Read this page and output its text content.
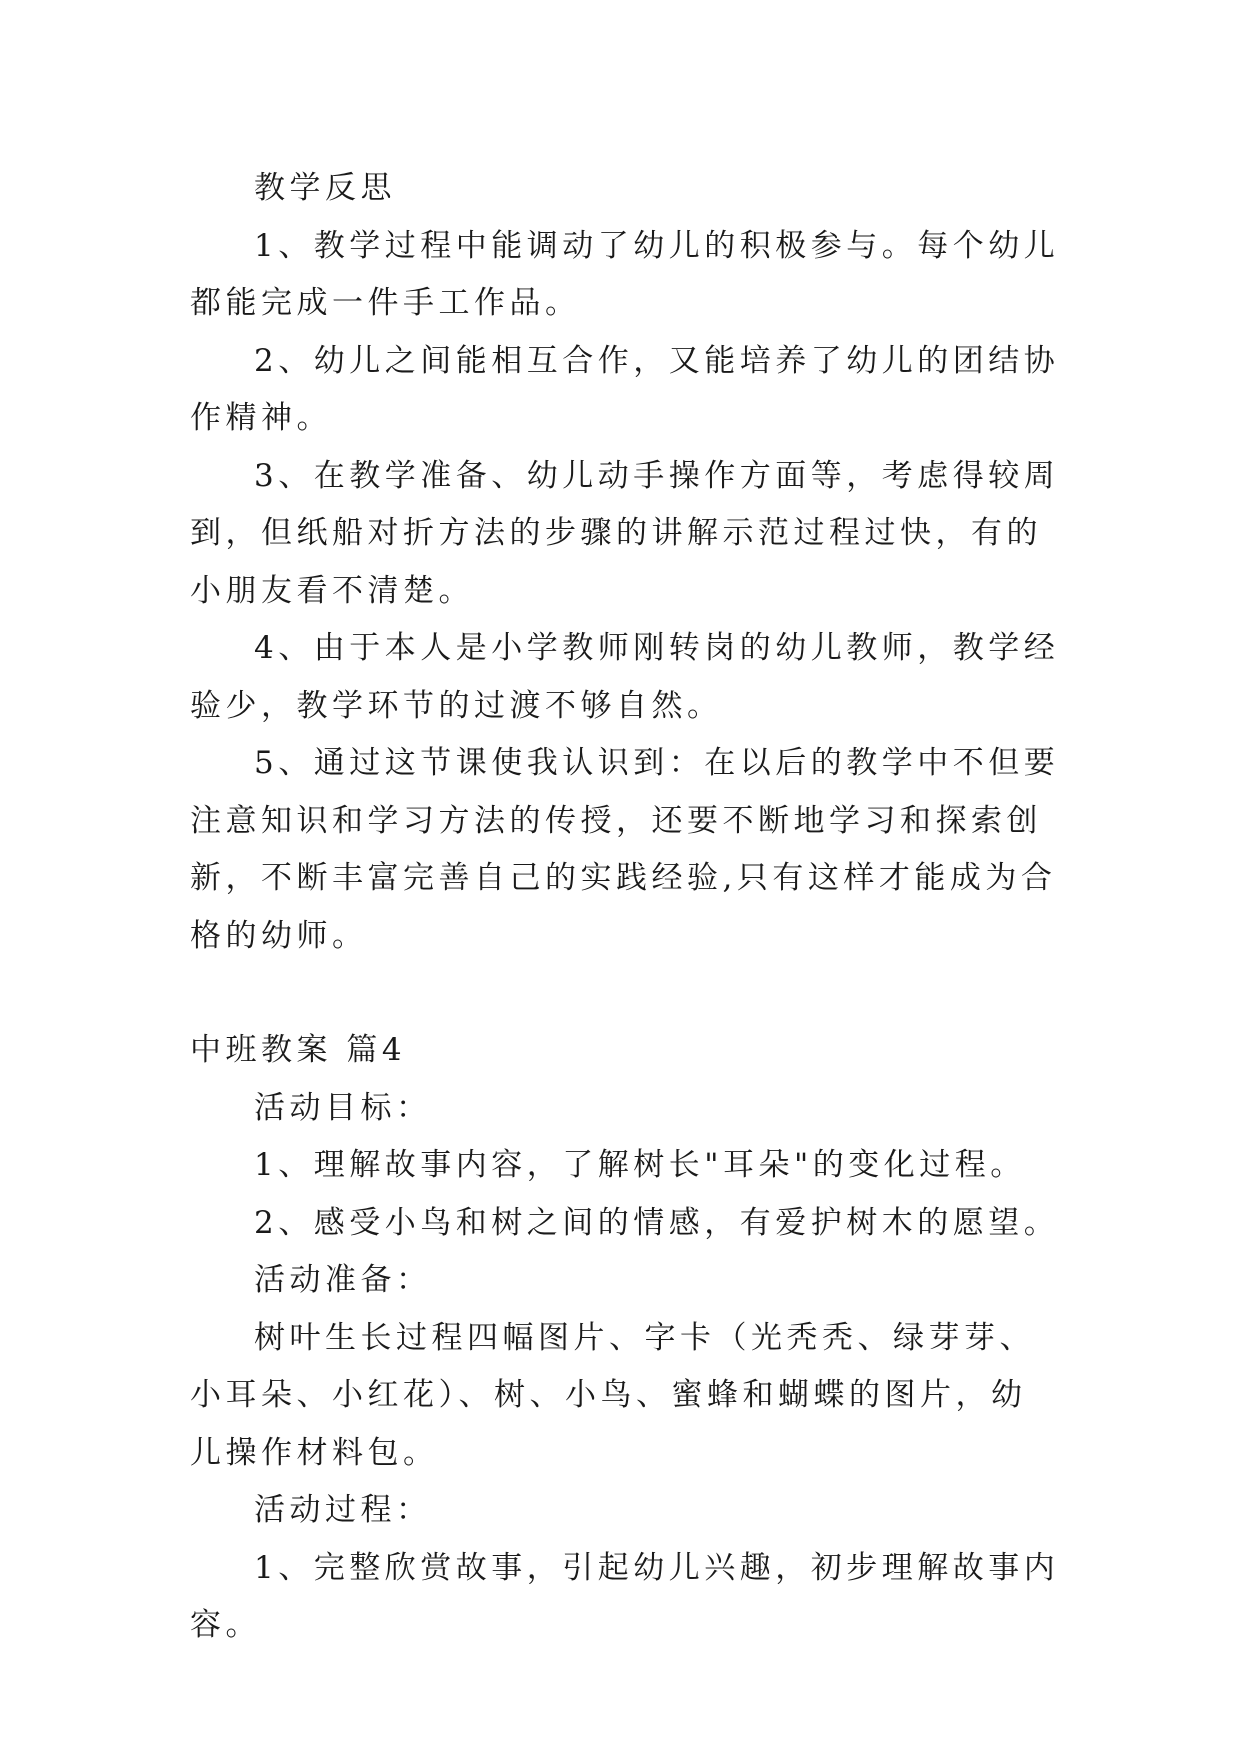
教学反思

1、教学过程中能调动了幼儿的积极参与。每个幼儿都能完成一件手工作品。

2、幼儿之间能相互合作，又能培养了幼儿的团结协作精神。

3、在教学准备、幼儿动手操作方面等，考虑得较周到，但纸船对折方法的步骤的讲解示范过程过快，有的小朋友看不清楚。

4、由于本人是小学教师刚转岗的幼儿教师，教学经验少，教学环节的过渡不够自然。

5、通过这节课使我认识到：在以后的教学中不但要注意知识和学习方法的传授，还要不断地学习和探索创新，不断丰富完善自己的实践经验,只有这样才能成为合格的幼师。

中班教案 篇4

活动目标：

1、理解故事内容，了解树长"耳朵"的变化过程。

2、感受小鸟和树之间的情感，有爱护树木的愿望。

活动准备：

树叶生长过程四幅图片、字卡（光秃秃、绿芽芽、小耳朵、小红花）、树、小鸟、蜜蜂和蝴蝶的图片，幼儿操作材料包。

活动过程：

1、完整欣赏故事，引起幼儿兴趣，初步理解故事内容。
